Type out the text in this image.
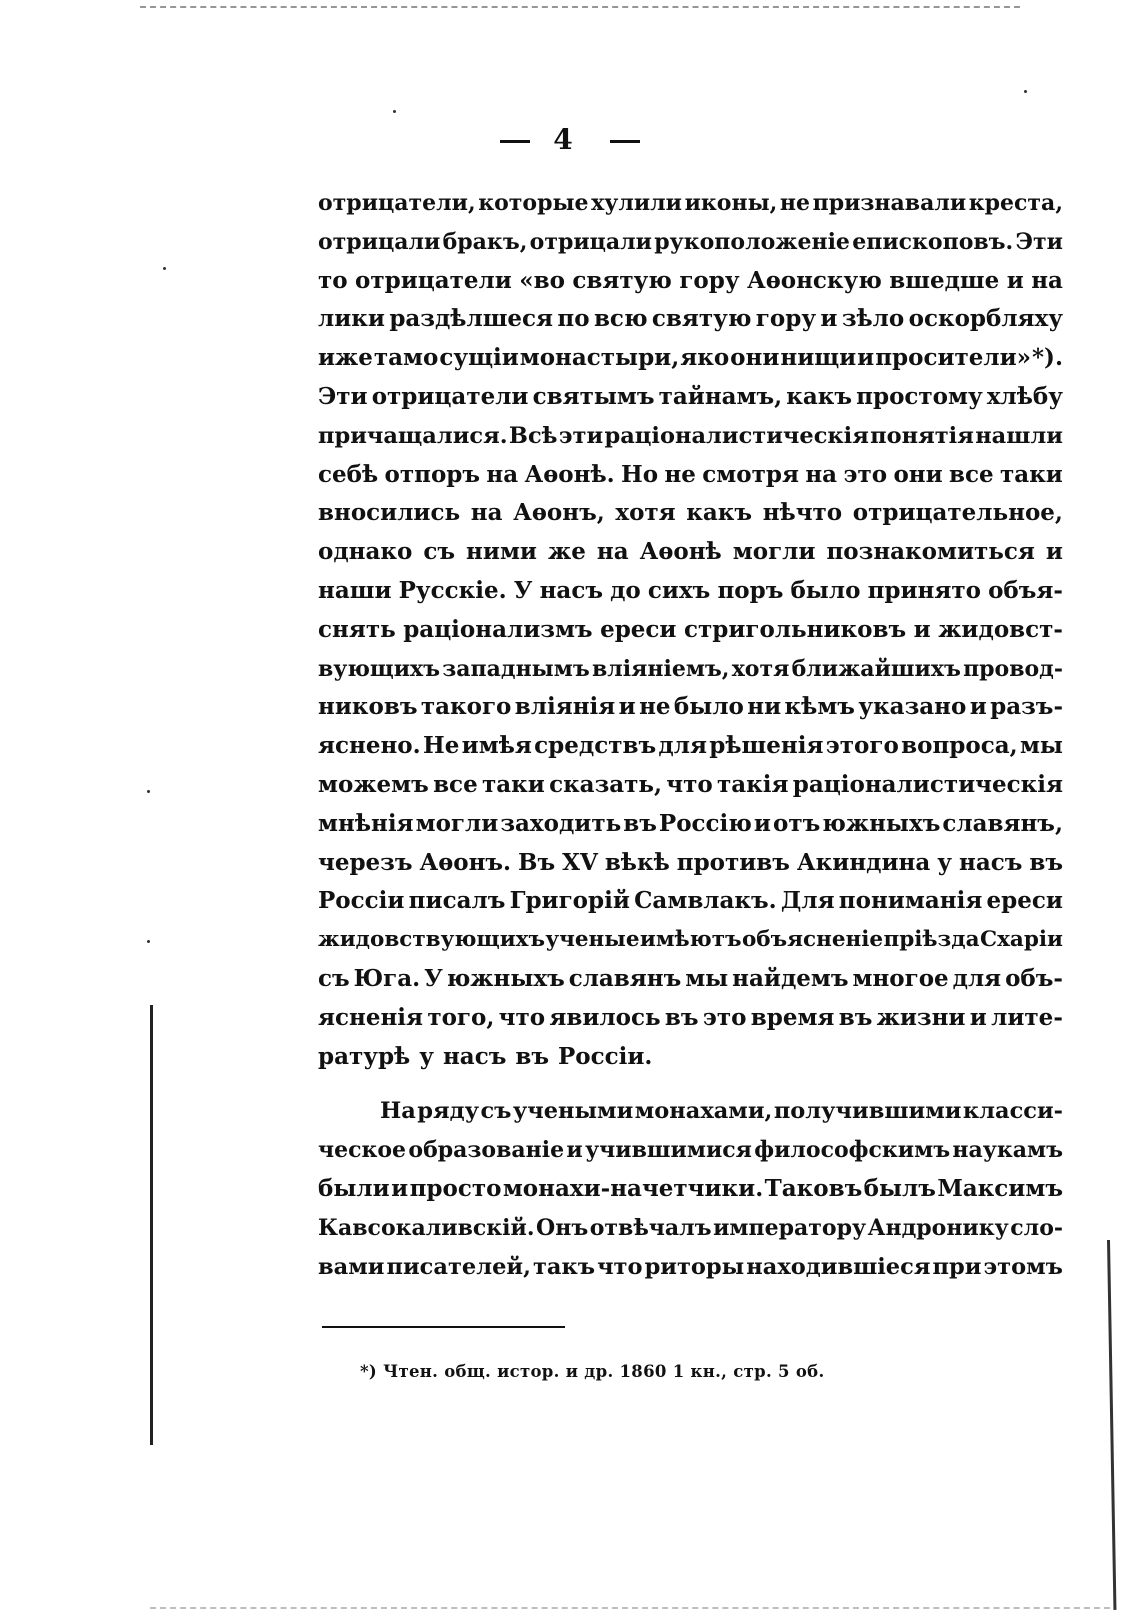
4
отрицатели, которые хулили иконы, не признавали креста,
отрицали бракъ, отрицали рукоположеніе епископовъ. Эти
то отрицатели «во святую гору Аѳонскую вшедше и на
лики раздѣлшеся по всю святую гору и зѣло оскорбляху
иже тамо сущіи монастыри, яко они нищи и просители» *).
Эти отрицатели святымъ тайнамъ, какъ простому хлѣбу
причащалися. Всѣ эти раціоналистическія понятія нашли
себѣ отпоръ на Аѳонѣ. Но не смотря на это они все таки
вносились на Аѳонъ, хотя какъ нѣчто отрицательное,
однако съ ними же на Аѳонѣ могли познакомиться и
наши Русскіе. У насъ до сихъ поръ было принято объя-
снять раціонализмъ ереси стригольниковъ и жидовст-
вующихъ западнымъ вліяніемъ, хотя ближайшихъ провод-
никовъ такого вліянія и не было ни кѣмъ указано и разъ-
яснено. Не имѣя средствъ для рѣшенія этого вопроса, мы
можемъ все таки сказать, что такія раціоналистическія
мнѣнія могли заходить въ Россію и отъ южныхъ славянъ,
черезъ Аѳонъ. Въ XV вѣкѣ противъ Акиндина у насъ въ
Россіи писалъ Григорій Самвлакъ. Для пониманія ереси
жидовствующихъ ученые имѣютъ объясненіе пріѣзда Схаріи
съ Юга. У южныхъ славянъ мы найдемъ многое для объ-
ясненія того, что явилось въ это время въ жизни и лите-
ратурѣ у насъ въ Россіи.
На ряду съ учеными монахами, получившими класси-
ческое образованіе и учившимися философскимъ наукамъ
были и просто монахи-начетчики. Таковъ былъ Максимъ
Кавсокаливскій. Онъ отвѣчалъ императору Андронику сло-
вами писателей, такъ что риторы находившіеся при этомъ
*) Чтен. общ. истор. и др. 1860 1 кн., стр. 5 об.
